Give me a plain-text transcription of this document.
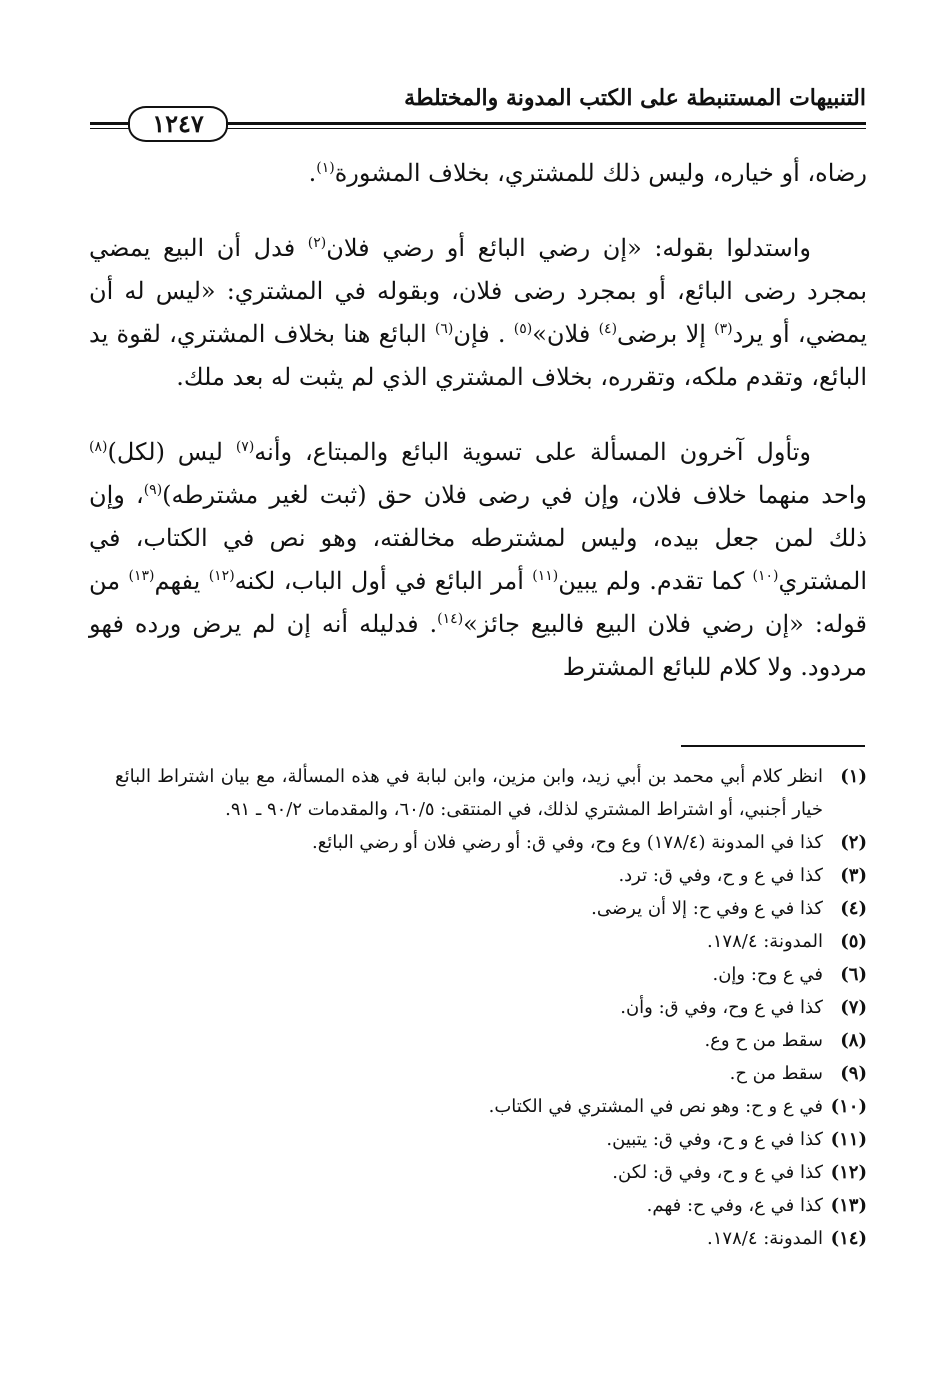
التنبيهات المستنبطة على الكتب المدونة والمختلطة
١٢٤٧

رضاه، أو خياره، وليس ذلك للمشتري، بخلاف المشورة$^{(١)}$.

واستدلوا بقوله: «إن رضي البائع أو رضي فلان$^{(٢)}$ فدل أن البيع يمضي بمجرد رضى البائع، أو بمجرد رضى فلان، وبقوله في المشتري: «ليس له أن يمضي، أو يرد$^{(٣)}$ إلا برضى$^{(٤)}$ فلان»$^{(٥)}$ . فإن$^{(٦)}$ البائع هنا بخلاف المشتري، لقوة يد البائع، وتقدم ملكه، وتقرره، بخلاف المشتري الذي لم يثبت له بعد ملك.

وتأول آخرون المسألة على تسوية البائع والمبتاع، وأنه$^{(٧)}$ ليس (لكل)$^{(٨)}$ واحد منهما خلاف فلان، وإن في رضى فلان حق (ثبت لغير مشترطه)$^{(٩)}$، وإن ذلك لمن جعل بيده، وليس لمشترطه مخالفته، وهو نص في الكتاب، في المشتري$^{(١٠)}$ كما تقدم. ولم يبين$^{(١١)}$ أمر البائع في أول الباب، لكنه$^{(١٢)}$ يفهم$^{(١٣)}$ من قوله: «إن رضي فلان البيع فالبيع جائز»$^{(١٤)}$. فدليله أنه إن لم يرض ورده فهو مردود. ولا كلام للبائع المشترط

(١)
انظر كلام أبي محمد بن أبي زيد، وابن مزين، وابن لبابة في هذه المسألة، مع بيان اشتراط البائع خيار أجنبي، أو اشتراط المشتري لذلك، في المنتقى: ٦٠/٥، والمقدمات ٩٠/٢ ـ ٩١.
(٢)
كذا في المدونة (١٧٨/٤) وع وح، وفي ق: أو رضي فلان أو رضي البائع.
(٣)
كذا في ع و ح، وفي ق: ترد.
(٤)
كذا في ع وفي ح: إلا أن يرضى.
(٥)
المدونة: ١٧٨/٤.
(٦)
في ع وح: وإن.
(٧)
كذا في ع وح، وفي ق: وأن.
(٨)
سقط من ح وع.
(٩)
سقط من ح.
(١٠)
في ع و ح: وهو نص في المشتري في الكتاب.
(١١)
كذا في ع و ح، وفي ق: يتبين.
(١٢)
كذا في ع و ح، وفي ق: لكن.
(١٣)
كذا في ع، وفي ح: فهم.
(١٤)
المدونة: ١٧٨/٤.
